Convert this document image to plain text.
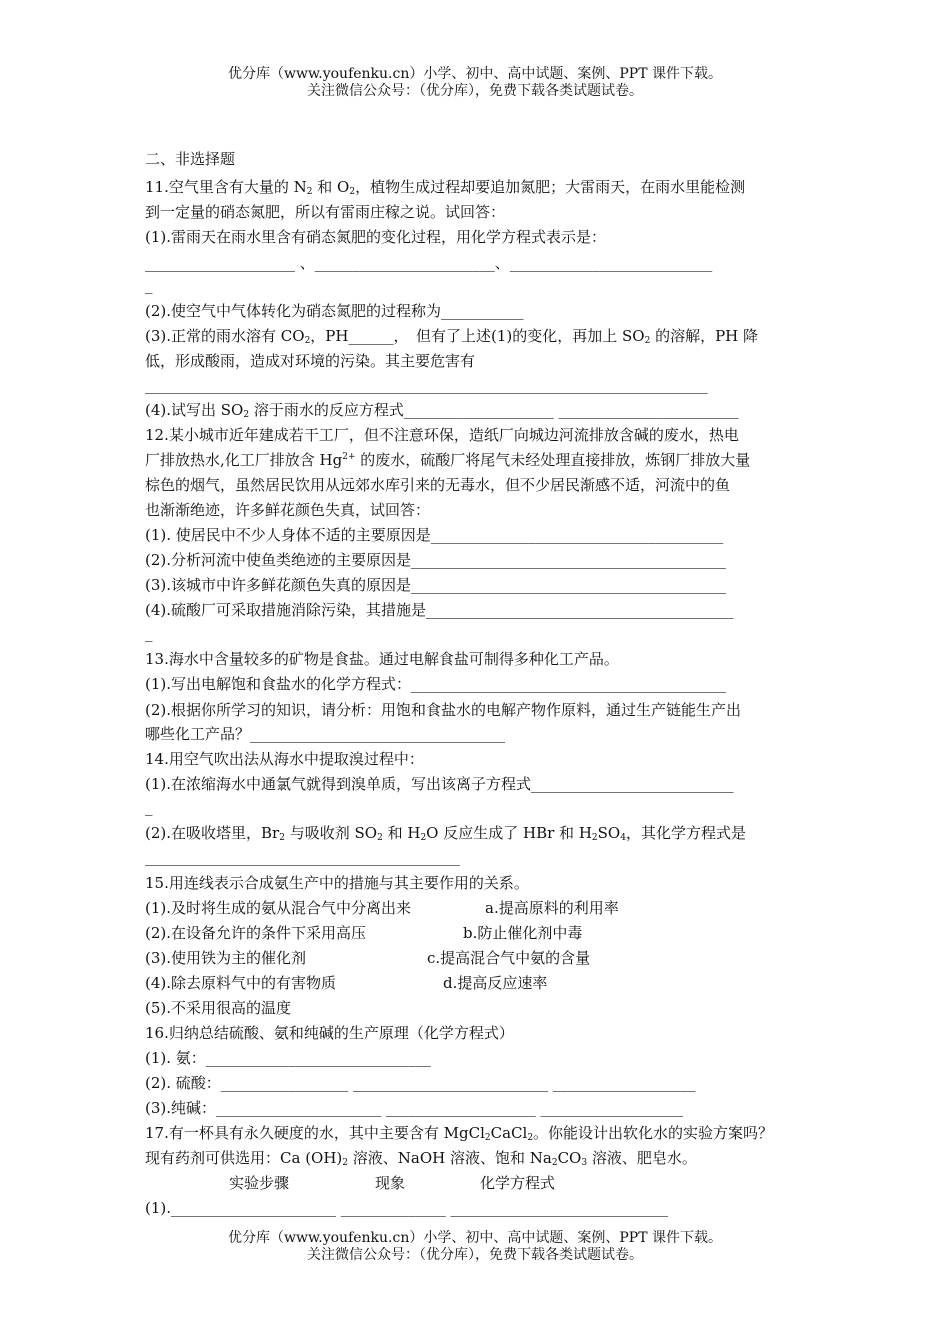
优分库（www.youfenku.cn）小学、初中、高中试题、案例、PPT 课件下载。
关注微信公众号：（优分库），免费下载各类试题试卷。
二、非选择题
11.空气里含有大量的 $N_2$ 和 $O_2$，植物生成过程却要追加氮肥；大雷雨天，在雨水里能检测
到一定量的硝态氮肥，所以有雷雨庄稼之说。试回答：
(1).雷雨天在雨水里含有硝态氮肥的变化过程，用化学方程式表示是：
____________________ 、________________________、___________________________
_
(2).使空气中气体转化为硝态氮肥的过程称为___________
(3).正常的雨水溶有 $CO_2$，PH______，　但有了上述(1)的变化，再加上 $SO_2$ 的溶解，PH 降
低，形成酸雨，造成对环境的污染。其主要危害有
___________________________________________________________________________
(4).试写出 $SO_2$ 溶于雨水的反应方程式____________________ ________________________
12.某小城市近年建成若干工厂，但不注意环保，造纸厂向城边河流排放含碱的废水，热电
厂排放热水,化工厂排放含 $Hg^{2+}$ 的废水，硫酸厂将尾气未经处理直接排放，炼钢厂排放大量
棕色的烟气，虽然居民饮用从远郊水库引来的无毒水，但不少居民渐感不适，河流中的鱼
也渐渐绝迹，许多鲜花颜色失真，试回答：
(1). 使居民中不少人身体不适的主要原因是_______________________________________
(2).分析河流中使鱼类绝迹的主要原因是__________________________________________
(3).该城市中许多鲜花颜色失真的原因是__________________________________________
(4).硫酸厂可采取措施消除污染，其措施是_________________________________________
_
13.海水中含量较多的矿物是食盐。通过电解食盐可制得多种化工产品。
(1).写出电解饱和食盐水的化学方程式：__________________________________________
(2).根据你所学习的知识，请分析：用饱和食盐水的电解产物作原料，通过生产链能生产出
哪些化工产品？__________________________________
14.用空气吹出法从海水中提取溴过程中：
(1).在浓缩海水中通氯气就得到溴单质，写出该离子方程式___________________________
_
(2).在吸收塔里，$Br_2$ 与吸收剂 $SO_2$ 和 $H_2O$ 反应生成了 HBr 和 $H_2SO_4$，其化学方程式是
__________________________________________
15.用连线表示合成氨生产中的措施与其主要作用的关系。
(1).及时将生成的氨从混合气中分离出来	a.提高原料的利用率
(2).在设备允许的条件下采用高压	b.防止催化剂中毒
(3).使用铁为主的催化剂	c.提高混合气中氨的含量
(4).除去原料气中的有害物质	d.提高反应速率
(5).不采用很高的温度
16.归纳总结硫酸、氨和纯碱的生产原理（化学方程式）
(1). 氨：______________________________
(2). 硫酸：_________________ __________________________ ___________________
(3).纯碱：______________________ ____________________ ___________________
17.有一杯具有永久硬度的水，其中主要含有 MgCl$_2$CaCl$_2$。你能设计出软化水的实验方案吗？
现有药剂可供选用：Ca $(OH)_2$ 溶液、NaOH 溶液、饱和 $Na_2CO_3$ 溶液、肥皂水。
实验步骤	现象	化学方程式
(1).______________________ ______________ _____________________________
优分库（www.youfenku.cn）小学、初中、高中试题、案例、PPT 课件下载。
关注微信公众号：（优分库），免费下载各类试题试卷。
